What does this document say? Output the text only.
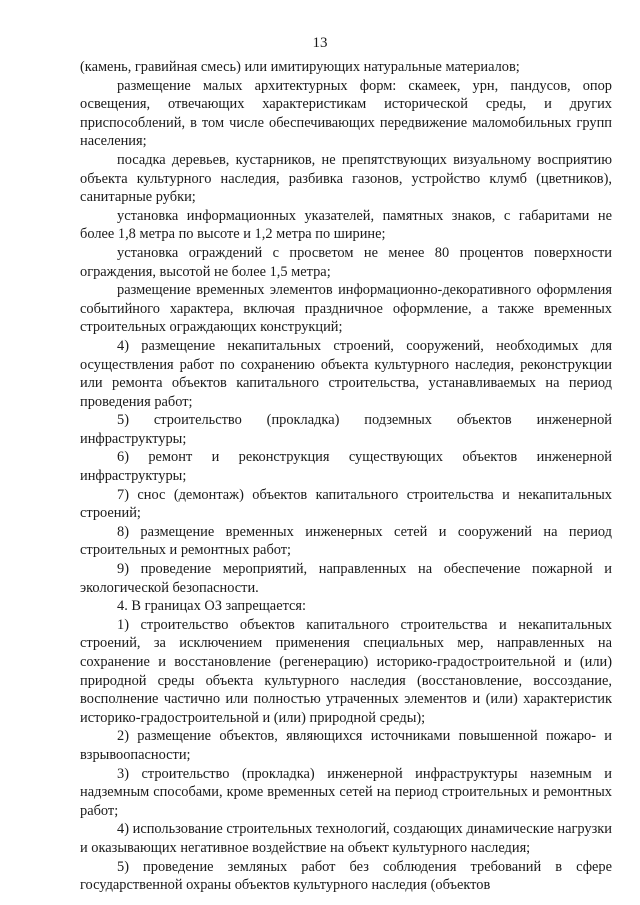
13

(камень, гравийная смесь) или имитирующих натуральные материалов;

размещение малых архитектурных форм: скамеек, урн, пандусов, опор освещения, отвечающих характеристикам исторической среды, и других приспособлений, в том числе обеспечивающих передвижение маломобильных групп населения;

посадка деревьев, кустарников, не препятствующих визуальному восприятию объекта культурного наследия, разбивка газонов, устройство клумб (цветников), санитарные рубки;

установка информационных указателей, памятных знаков, с габаритами не более 1,8 метра по высоте и 1,2 метра по ширине;

установка ограждений с просветом не менее 80 процентов поверхности ограждения, высотой не более 1,5 метра;

размещение временных элементов информационно-декоративного оформления событийного характера, включая праздничное оформление, а также временных строительных ограждающих конструкций;

4) размещение некапитальных строений, сооружений, необходимых для осуществления работ по сохранению объекта культурного наследия, реконструкции или ремонта объектов капитального строительства, устанавливаемых на период проведения работ;

5) строительство (прокладка) подземных объектов инженерной инфраструктуры;

6) ремонт и реконструкция существующих объектов инженерной инфраструктуры;

7) снос (демонтаж) объектов капитального строительства и некапитальных строений;

8) размещение временных инженерных сетей и сооружений на период строительных и ремонтных работ;

9) проведение мероприятий, направленных на обеспечение пожарной и экологической безопасности.

4. В границах ОЗ запрещается:

1) строительство объектов капитального строительства и некапитальных строений, за исключением применения специальных мер, направленных на сохранение и восстановление (регенерацию) историко-градостроительной и (или) природной среды объекта культурного наследия (восстановление, воссоздание, восполнение частично или полностью утраченных элементов и (или) характеристик историко-градостроительной и (или) природной среды);

2) размещение объектов, являющихся источниками повышенной пожаро- и взрывоопасности;

3) строительство (прокладка) инженерной инфраструктуры наземным и надземным способами, кроме временных сетей на период строительных и ремонтных работ;

4) использование строительных технологий, создающих динамические нагрузки и оказывающих негативное воздействие на объект культурного наследия;

5) проведение земляных работ без соблюдения требований в сфере государственной охраны объектов культурного наследия (объектов
